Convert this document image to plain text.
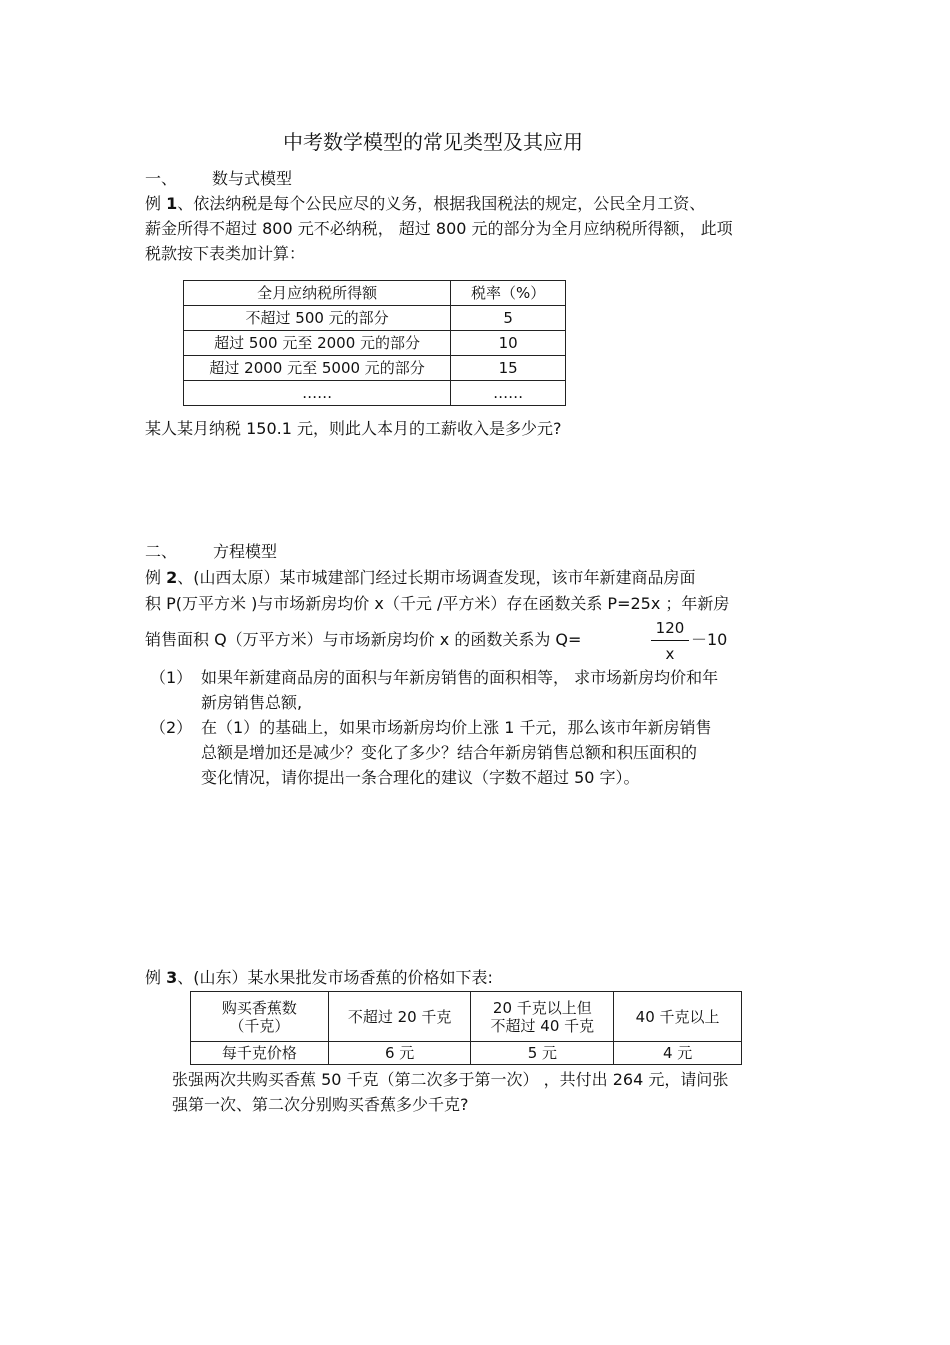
中考数学模型的常见类型及其应用
一、 数与式模型
例 1、依法纳税是每个公民应尽的义务，根据我国税法的规定，公民全月工资、
薪金所得不超过 800 元不必纳税， 超过 800 元的部分为全月应纳税所得额， 此项
税款按下表类加计算：
全月应纳税所得额	税率（%）
不超过 500 元的部分	5
超过 500 元至 2000 元的部分	10
超过 2000 元至 5000 元的部分	15
……	……
某人某月纳税 150.1 元，则此人本月的工薪收入是多少元?
二、 方程模型
例 2、(山西太原）某市城建部门经过长期市场调查发现，该市年新建商品房面
积 P(万平方米 )与市场新房均价 x（千元 /平方米）存在函数关系 P=25x ；年新房
销售面积 Q（万平方米）与市场新房均价 x 的函数关系为 Q=
120
x
－10
（1） 如果年新建商品房的面积与年新房销售的面积相等， 求市场新房均价和年
新房销售总额,
（2） 在（1）的基础上，如果市场新房均价上涨 1 千元，那么该市年新房销售
总额是增加还是减少？变化了多少？结合年新房销售总额和积压面积的
变化情况，请你提出一条合理化的建议（字数不超过 50 字）。
例 3、(山东）某水果批发市场香蕉的价格如下表:
购买香蕉数
（千克）	不超过 20 千克	20 千克以上但
不超过 40 千克	40 千克以上
每千克价格	6 元	5 元	4 元
张强两次共购买香蕉 50 千克（第二次多于第一次） ，共付出 264 元，请问张
强第一次、第二次分别购买香蕉多少千克?
